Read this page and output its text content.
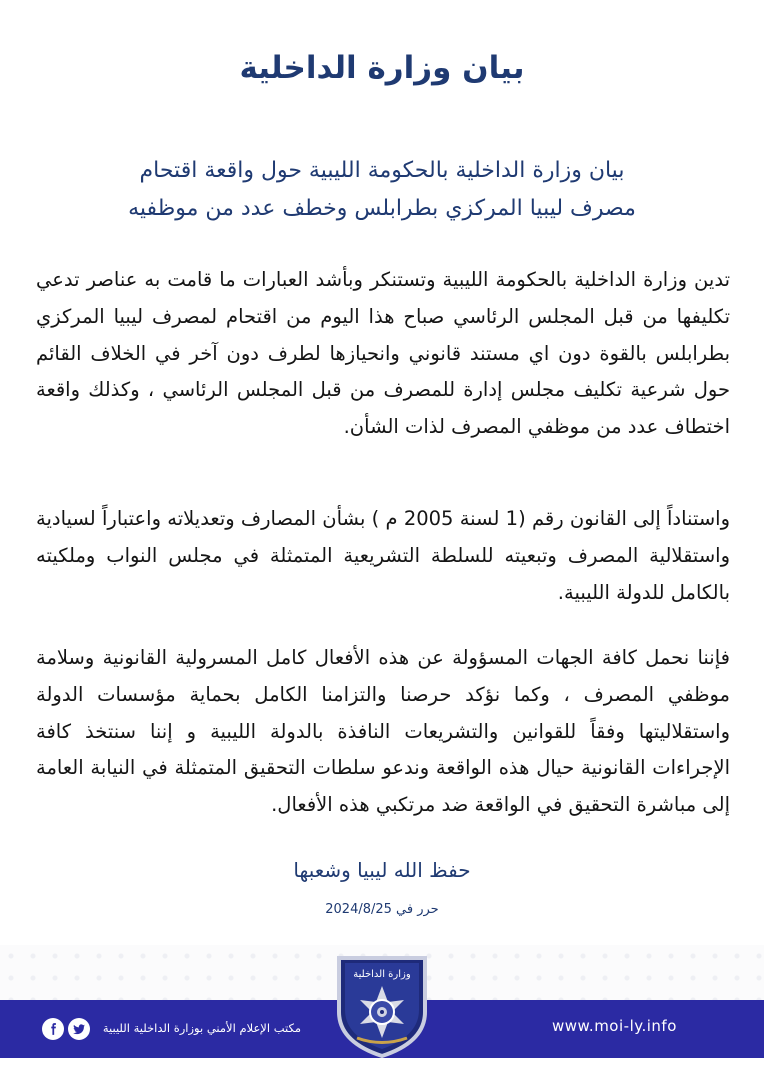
بيان وزارة الداخلية
بيان وزارة الداخلية بالحكومة الليبية حول واقعة اقتحام
مصرف ليبيا المركزي بطرابلس وخطف عدد من موظفيه
تدين وزارة الداخلية بالحكومة الليبية وتستنكر وبأشد العبارات ما قامت به عناصر تدعي تكليفها من قبل المجلس الرئاسي صباح هذا اليوم من اقتحام لمصرف ليبيا المركزي بطرابلس بالقوة دون اي مستند قانوني وانحيازها لطرف دون آخر في الخلاف القائم حول شرعية تكليف مجلس إدارة للمصرف من قبل المجلس الرئاسي ، وكذلك واقعة اختطاف عدد من موظفي المصرف لذات الشأن.
واستناداً إلى القانون رقم (1 لسنة 2005 م ) بشأن المصارف وتعديلاته واعتباراً لسيادية واستقلالية المصرف وتبعيته للسلطة التشريعية المتمثلة في مجلس النواب وملكيته بالكامل للدولة الليبية.
فإننا نحمل كافة الجهات المسؤولة عن هذه الأفعال كامل المسرولية القانونية وسلامة موظفي المصرف ، وكما نؤكد حرصنا والتزامنا الكامل بحماية مؤسسات الدولة واستقلاليتها وفقاً للقوانين والتشريعات النافذة بالدولة الليبية و إننا سنتخذ كافة الإجراءات القانونية حيال هذه الواقعة وندعو سلطات التحقيق المتمثلة في النيابة العامة إلى مباشرة التحقيق في الواقعة ضد مرتكبي هذه الأفعال.
حفظ الله ليبيا وشعبها
حرر في 2024/8/25
www.moi-ly.info
مكتب الإعلام الأمني بوزارة الداخلية الليبية
وزارة الداخلية
